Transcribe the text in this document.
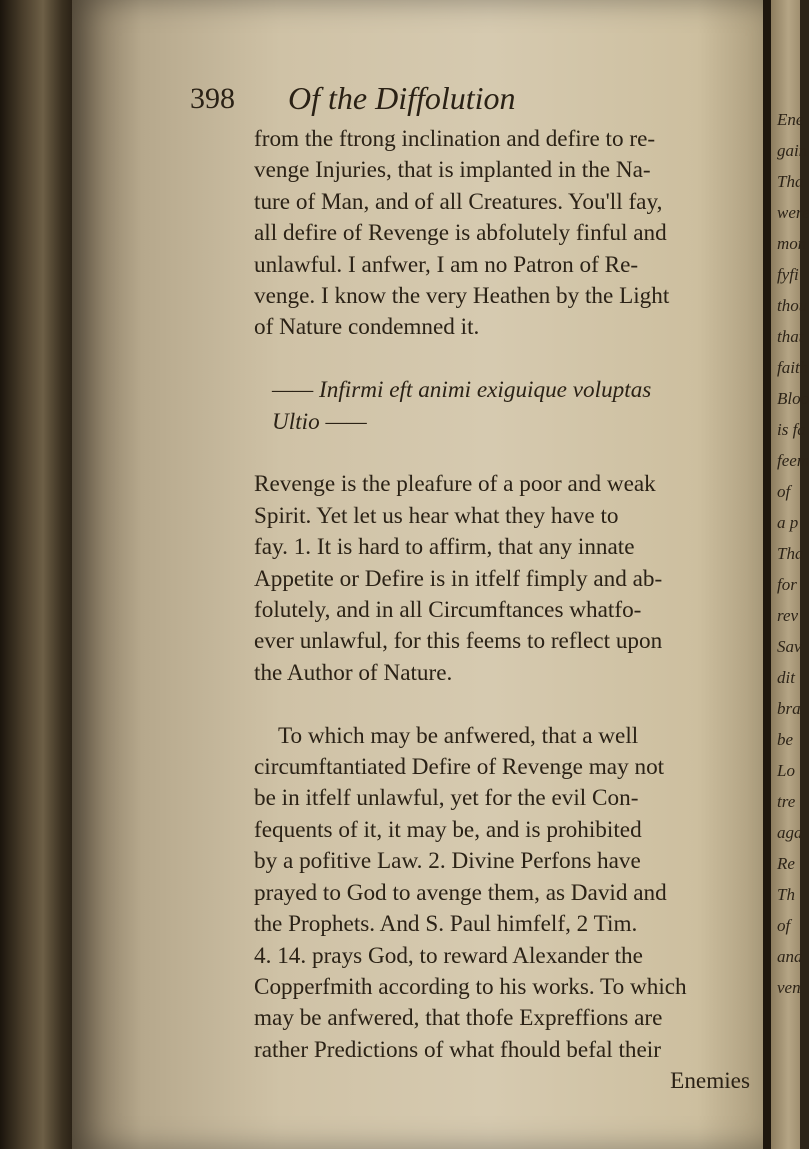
Ene
gain
Tha
were
mon
fyfi
thou
that
faith
Bloo
is fa
feem
of
a p
Tha
for
rev
Sav
dit
bra
be
Lo
tre
aga
Re
Th
of
and
ven
398 Of the Diffolution
from the ftrong inclination and defire to re-
venge Injuries, that is implanted in the Na-
ture of Man, and of all Creatures. You'll fay,
all defire of Revenge is abfolutely finful and
unlawful. I anfwer, I am no Patron of Re-
venge. I know the very Heathen by the Light
of Nature condemned it.
—— Infirmi eft animi exiguique voluptas
Ultio ——
Revenge is the pleafure of a poor and weak
Spirit. Yet let us hear what they have to
fay. 1. It is hard to affirm, that any innate
Appetite or Defire is in itfelf fimply and ab-
folutely, and in all Circumftances whatfo-
ever unlawful, for this feems to reflect upon
the Author of Nature.
To which may be anfwered, that a well
circumftantiated Defire of Revenge may not
be in itfelf unlawful, yet for the evil Con-
fequents of it, it may be, and is prohibited
by a pofitive Law. 2. Divine Perfons have
prayed to God to avenge them, as David and
the Prophets. And S. Paul himfelf, 2 Tim.
4. 14. prays God, to reward Alexander the
Copperfmith according to his works. To which
may be anfwered, that thofe Expreffions are
rather Predictions of what fhould befal their
Enemies
